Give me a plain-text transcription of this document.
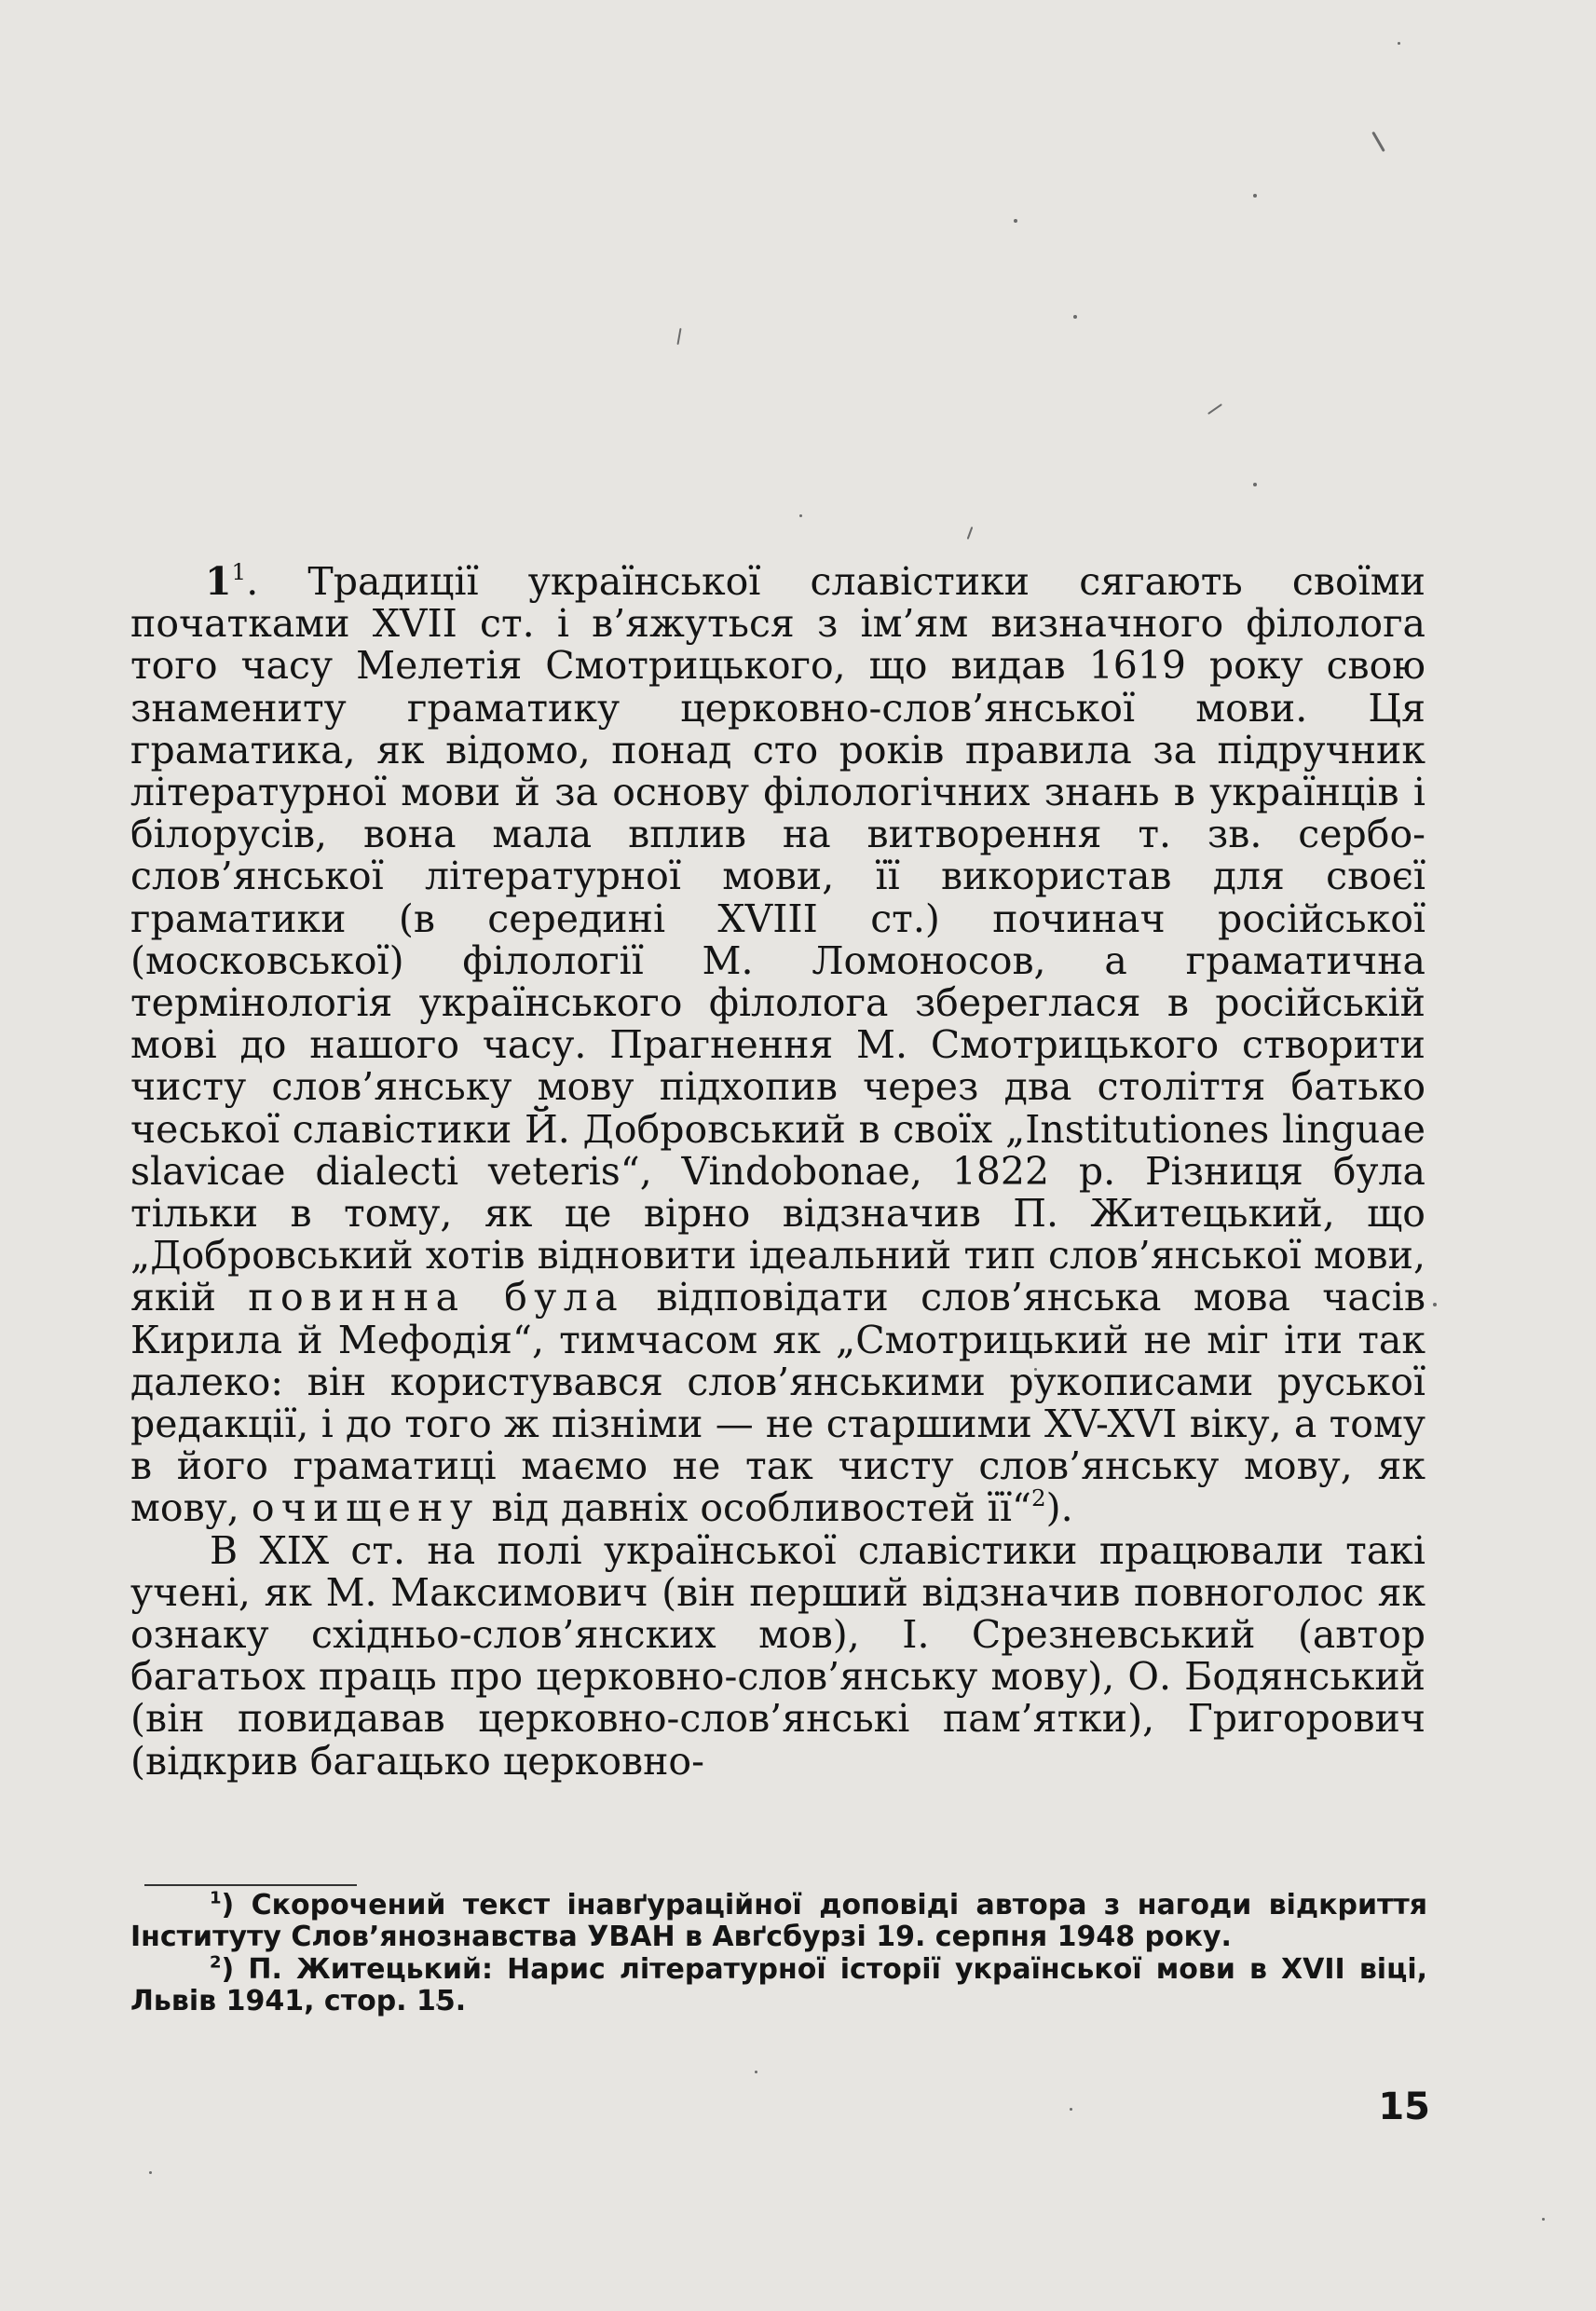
$1^1$. Традиції української славістики сягають своїми початками XVII ст. і в’яжуться з ім’ям визначного філолога того часу Мелетія Смотрицького, що видав 1619 року свою знамениту граматику церковно-слов’янської мови. Ця граматика, як відомо, понад сто років правила за підручник літературної мови й за основу філологічних знань в українців і білорусів, вона мала вплив на витворення т. зв. сербо-слов’янської літературної мови, її використав для своєї граматики (в середині XVIII ст.) починач російської (московської) філології М. Ломоносов, а граматична термінологія українського філолога збереглася в російській мові до нашого часу. Прагнення М. Смотрицького створити чисту слов’янську мову підхопив через два століття батько чеської славістики Й. Добровський в своїх „Institutiones linguae slavicae dialecti veteris“, Vindobonae, 1822 р. Різниця була тільки в тому, як це вірно відзначив П. Житецький, що „Добровський хотів відновити ідеальний тип слов’янської мови, якій повинна була відповідати слов’янська мова часів Кирила й Мефодія“, тимчасом як „Смотрицький не міг іти так далеко: він користувався слов’янськими рукописами руської редакції, і до того ж пізніми — не старшими XV-XVI віку, а тому в його граматиці маємо не так чисту слов’янську мову, як мову, очищену від давніх особливостей її“$^2$).

В XIX ст. на полі української славістики працювали такі учені, як М. Максимович (він перший відзначив повноголос як ознаку східньо-слов’янских мов), І. Срезневський (автор багатьох праць про церковно-слов’янську мову), О. Бодянський (він повидавав церковно-слов’янські пам’ятки), Григорович (відкрив багацько церковно-

$^1$) Скорочений текст інавґураційної доповіді автора з нагоди відкриття Інституту Слов’янознавства УВАН в Авґсбурзі 19. серпня 1948 року.

$^2$) П. Житецький: Нарис літературної історії української мови в XVII віці, Львів 1941, стор. 15.

15
